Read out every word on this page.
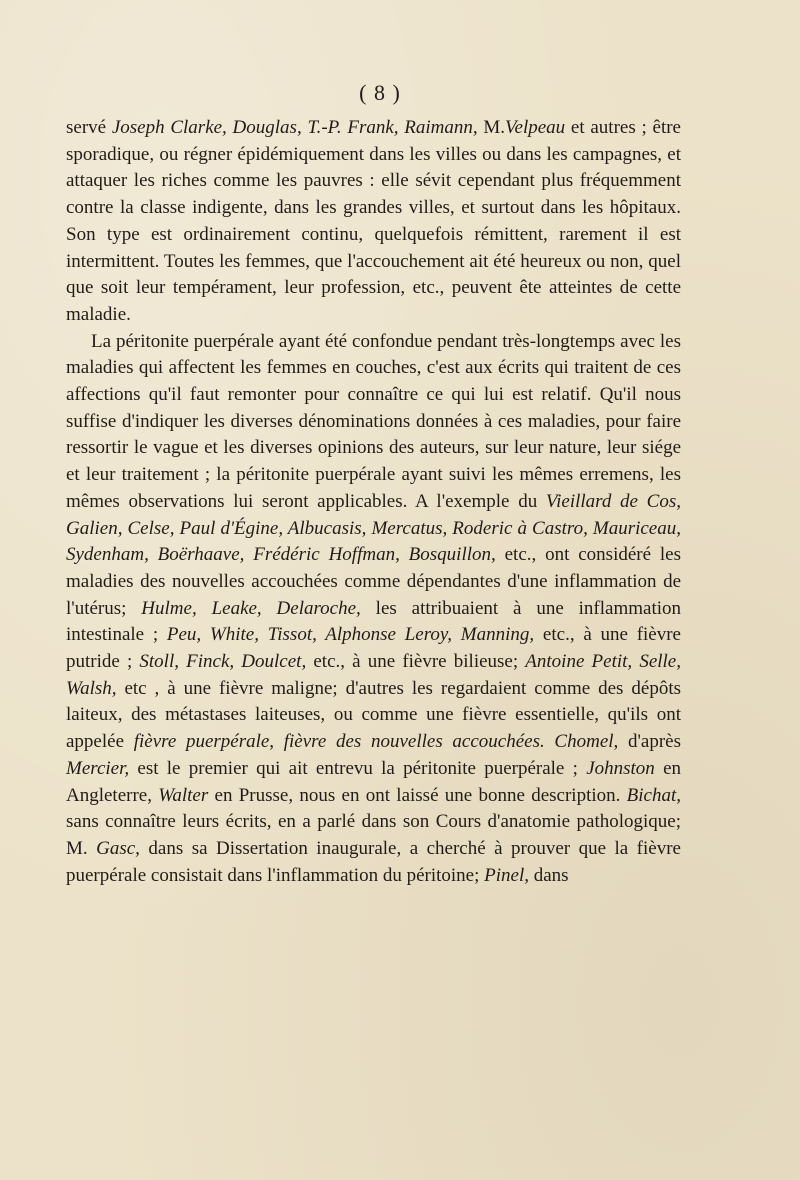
( 8 )

servé Joseph Clarke, Douglas, T.-P. Frank, Raimann, M.Velpeau et autres ; être sporadique, ou régner épidémiquement dans les villes ou dans les campagnes, et attaquer les riches comme les pauvres : elle sévit cependant plus fréquemment contre la classe indigente, dans les grandes villes, et surtout dans les hôpitaux. Son type est ordinairement continu, quelquefois rémittent, rarement il est intermittent. Toutes les femmes, que l'accouchement ait été heureux ou non, quel que soit leur tempérament, leur profession, etc., peuvent ête atteintes de cette maladie.

La péritonite puerpérale ayant été confondue pendant très-longtemps avec les maladies qui affectent les femmes en couches, c'est aux écrits qui traitent de ces affections qu'il faut remonter pour connaître ce qui lui est relatif. Qu'il nous suffise d'indiquer les diverses dénominations données à ces maladies, pour faire ressortir le vague et les diverses opinions des auteurs, sur leur nature, leur siége et leur traitement ; la péritonite puerpérale ayant suivi les mêmes erremens, les mêmes observations lui seront applicables. A l'exemple du Vieillard de Cos, Galien, Celse, Paul d'Égine, Albucasis, Mercatus, Roderic à Castro, Mauriceau, Sydenham, Boërhaave, Frédéric Hoffman, Bosquillon, etc., ont considéré les maladies des nouvelles accouchées comme dépendantes d'une inflammation de l'utérus; Hulme, Leake, Delaroche, les attribuaient à une inflammation intestinale ; Peu, White, Tissot, Alphonse Leroy, Manning, etc., à une fièvre putride ; Stoll, Finck, Doulcet, etc., à une fièvre bilieuse; Antoine Petit, Selle, Walsh, etc , à une fièvre maligne; d'autres les regardaient comme des dépôts laiteux, des métastases laiteuses, ou comme une fièvre essentielle, qu'ils ont appelée fièvre puerpérale, fièvre des nouvelles accouchées. Chomel, d'après Mercier, est le premier qui ait entrevu la péritonite puerpérale ; Johnston en Angleterre, Walter en Prusse, nous en ont laissé une bonne description. Bichat, sans connaître leurs écrits, en a parlé dans son Cours d'anatomie pathologique; M. Gasc, dans sa Dissertation inaugurale, a cherché à prouver que la fièvre puerpérale consistait dans l'inflammation du péritoine; Pinel, dans
